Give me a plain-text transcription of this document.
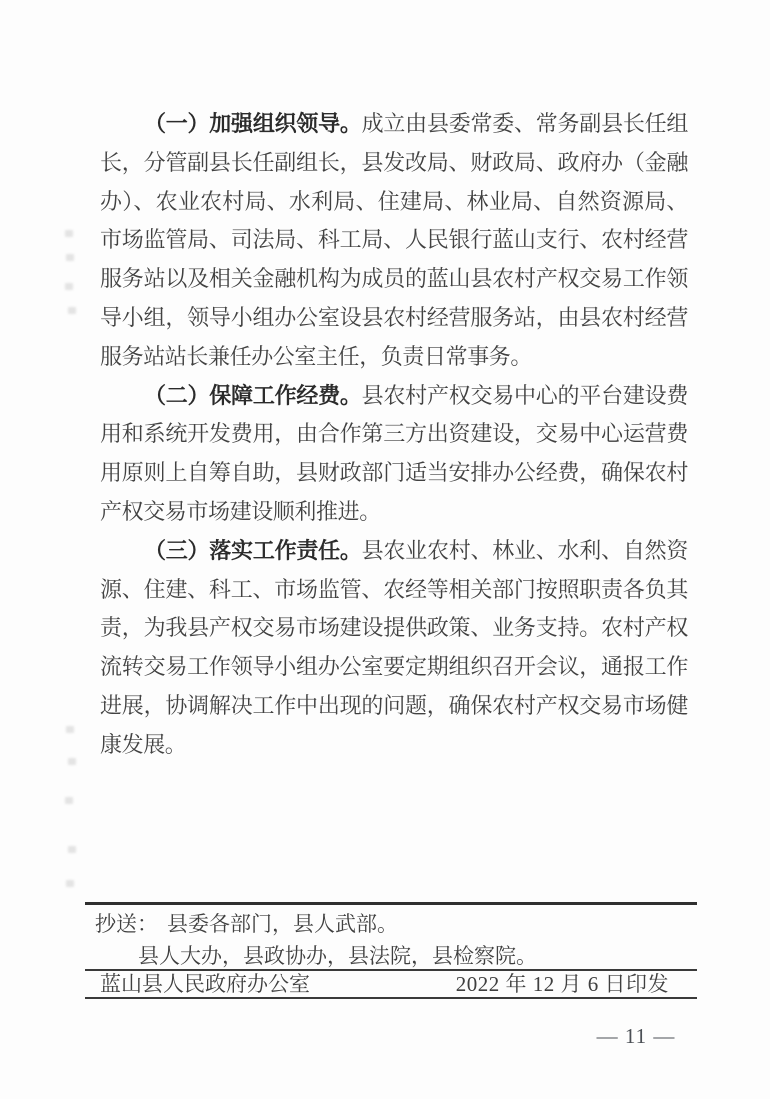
（一）加强组织领导。成立由县委常委、常务副县长任组
长，分管副县长任副组长，县发改局、财政局、政府办（金融
办）、农业农村局、水利局、住建局、林业局、自然资源局、
市场监管局、司法局、科工局、人民银行蓝山支行、农村经营
服务站以及相关金融机构为成员的蓝山县农村产权交易工作领
导小组，领导小组办公室设县农村经营服务站，由县农村经营
服务站站长兼任办公室主任，负责日常事务。
（二）保障工作经费。县农村产权交易中心的平台建设费
用和系统开发费用，由合作第三方出资建设，交易中心运营费
用原则上自筹自助，县财政部门适当安排办公经费，确保农村
产权交易市场建设顺利推进。
（三）落实工作责任。县农业农村、林业、水利、自然资
源、住建、科工、市场监管、农经等相关部门按照职责各负其
责，为我县产权交易市场建设提供政策、业务支持。农村产权
流转交易工作领导小组办公室要定期组织召开会议，通报工作
进展，协调解决工作中出现的问题，确保农村产权交易市场健
康发展。
抄送： 县委各部门，县人武部。
县人大办，县政协办，县法院，县检察院。
蓝山县人民政府办公室	2022 年 12 月 6 日印发
— 11 —
